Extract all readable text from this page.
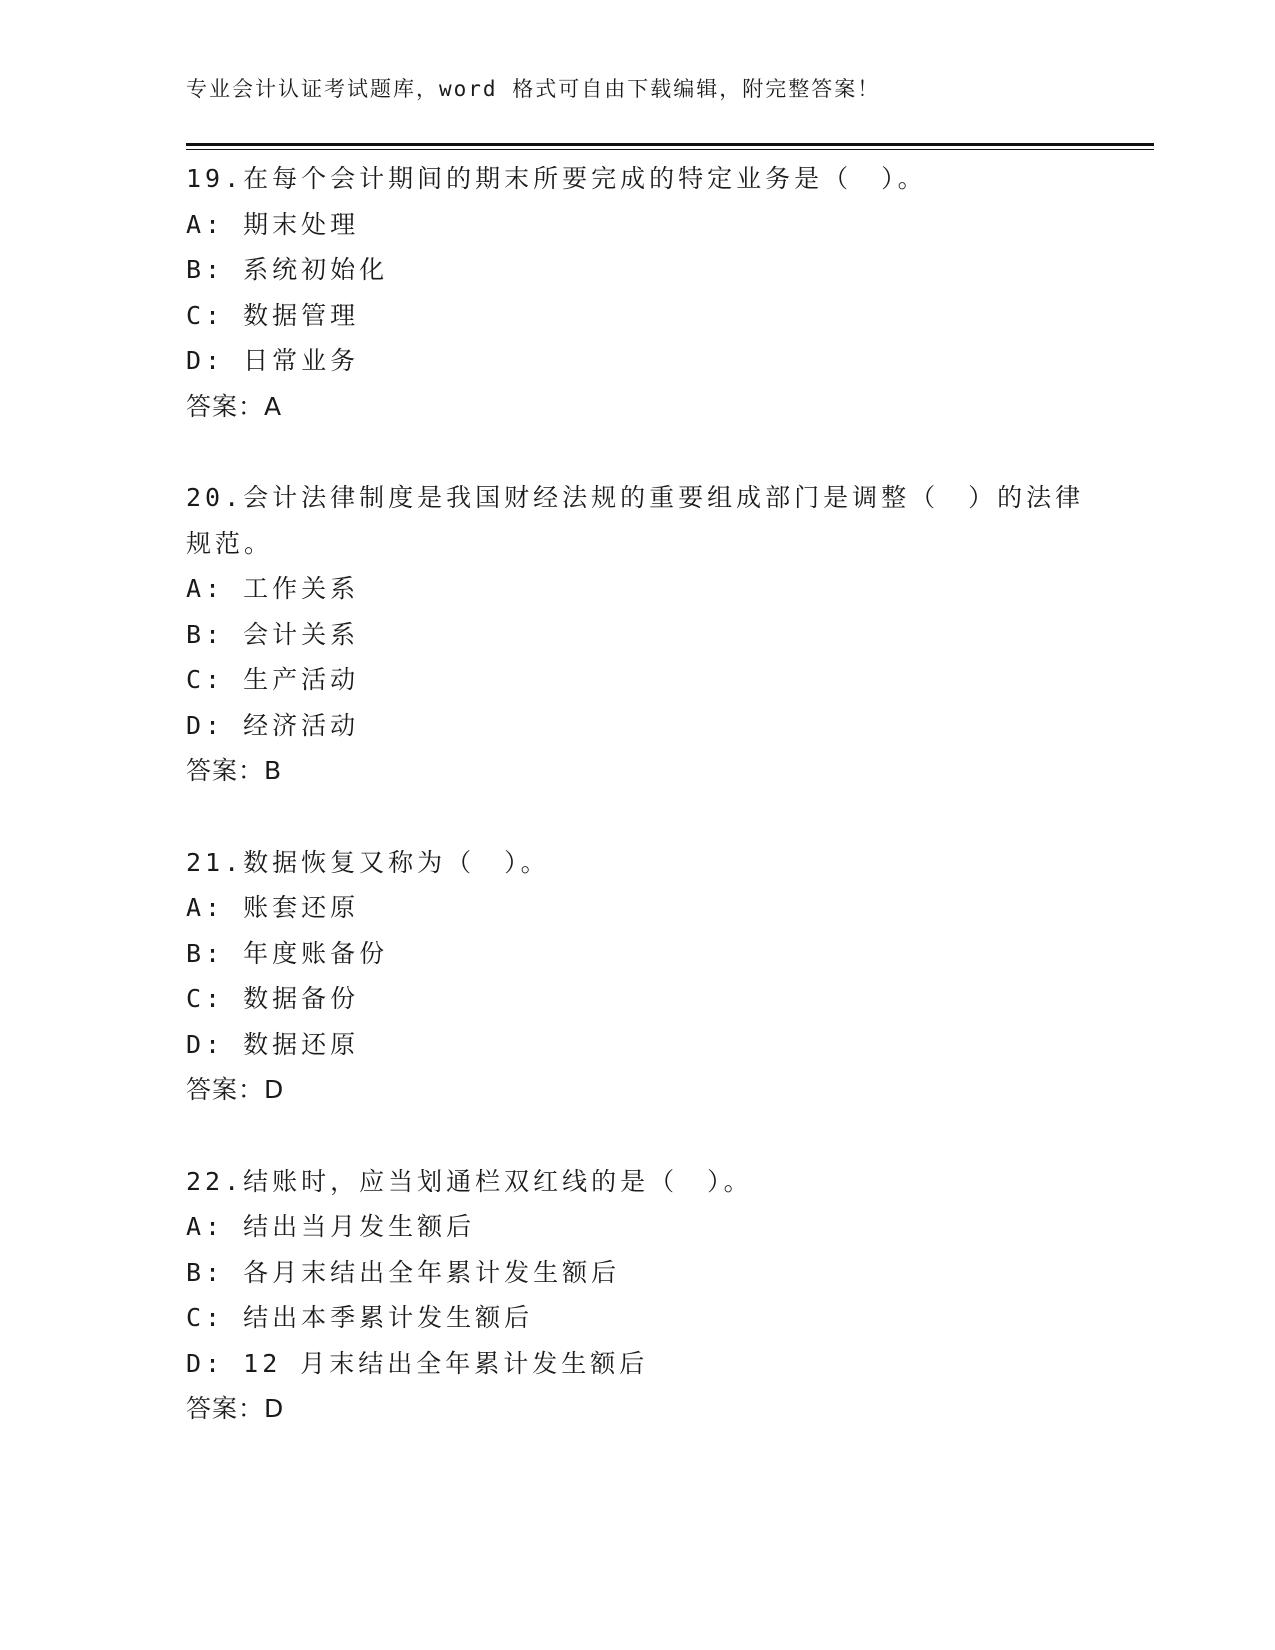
专业会计认证考试题库，word 格式可自由下载编辑，附完整答案！
19.在每个会计期间的期末所要完成的特定业务是（　）。
A: 期末处理
B: 系统初始化
C: 数据管理
D: 日常业务
答案：A
20.会计法律制度是我国财经法规的重要组成部门是调整（　）的法律规范。
A: 工作关系
B: 会计关系
C: 生产活动
D: 经济活动
答案：B
21.数据恢复又称为（　）。
A: 账套还原
B: 年度账备份
C: 数据备份
D: 数据还原
答案：D
22.结账时，应当划通栏双红线的是（　）。
A: 结出当月发生额后
B: 各月末结出全年累计发生额后
C: 结出本季累计发生额后
D: 12 月末结出全年累计发生额后
答案：D
